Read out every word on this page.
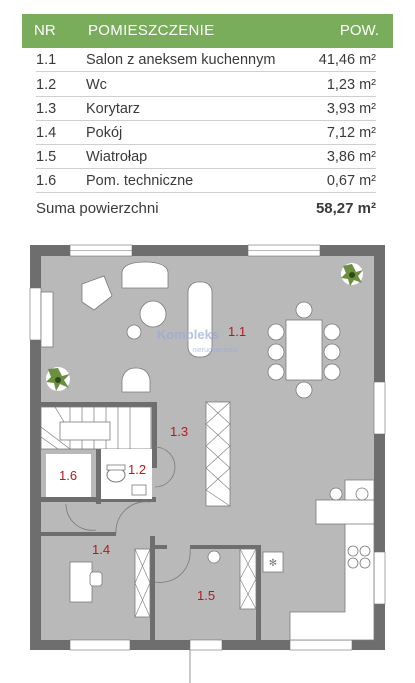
NR POMIESZCZENIE	POW.
1.1 Salon z aneksem kuchennym	41,46 m²
1.2 Wc	1,23 m²
1.3 Korytarz	3,93 m²
1.4 Pokój	7,12 m²
1.5 Wiatrołap	3,86 m²
1.6 Pom. techniczne	0,67 m²
Suma powierzchni	58,27 m²
✻
Kompleks
nieruchomości
1.1
1.2
1.3
1.4
1.5
1.6
